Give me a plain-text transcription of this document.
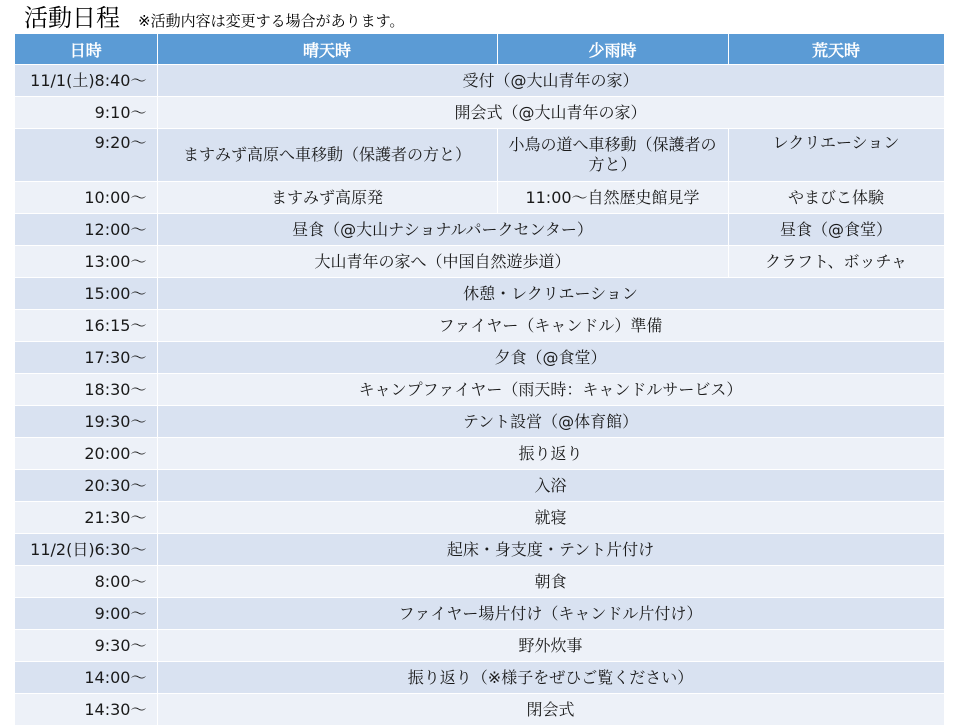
活動日程 ※活動内容は変更する場合があります。
日時	晴天時	少雨時	荒天時
11/1(土)8:40～	受付（@大山青年の家）		
9:10～	開会式（@大山青年の家）		
9:20～	ますみず高原へ車移動（保護者の方と）	小鳥の道へ車移動（保護者の方と）	レクリエーション
10:00～	ますみず高原発	11:00～自然歴史館見学	やまびこ体験
12:00～	昼食（@大山ナショナルパークセンター）		昼食（@食堂）
13:00～	大山青年の家へ（中国自然遊歩道）		クラフト、ボッチャ
15:00～	休憩・レクリエーション		
16:15～	ファイヤー（キャンドル）準備		
17:30～	夕食（@食堂）		
18:30～	キャンプファイヤー（雨天時：キャンドルサービス）		
19:30～	テント設営（@体育館）		
20:00～	振り返り		
20:30～	入浴		
21:30～	就寝		
11/2(日)6:30～	起床・身支度・テント片付け		
8:00～	朝食		
9:00～	ファイヤー場片付け（キャンドル片付け）		
9:30～	野外炊事		
14:00～	振り返り（※様子をぜひご覧ください）		
14:30～	閉会式		
